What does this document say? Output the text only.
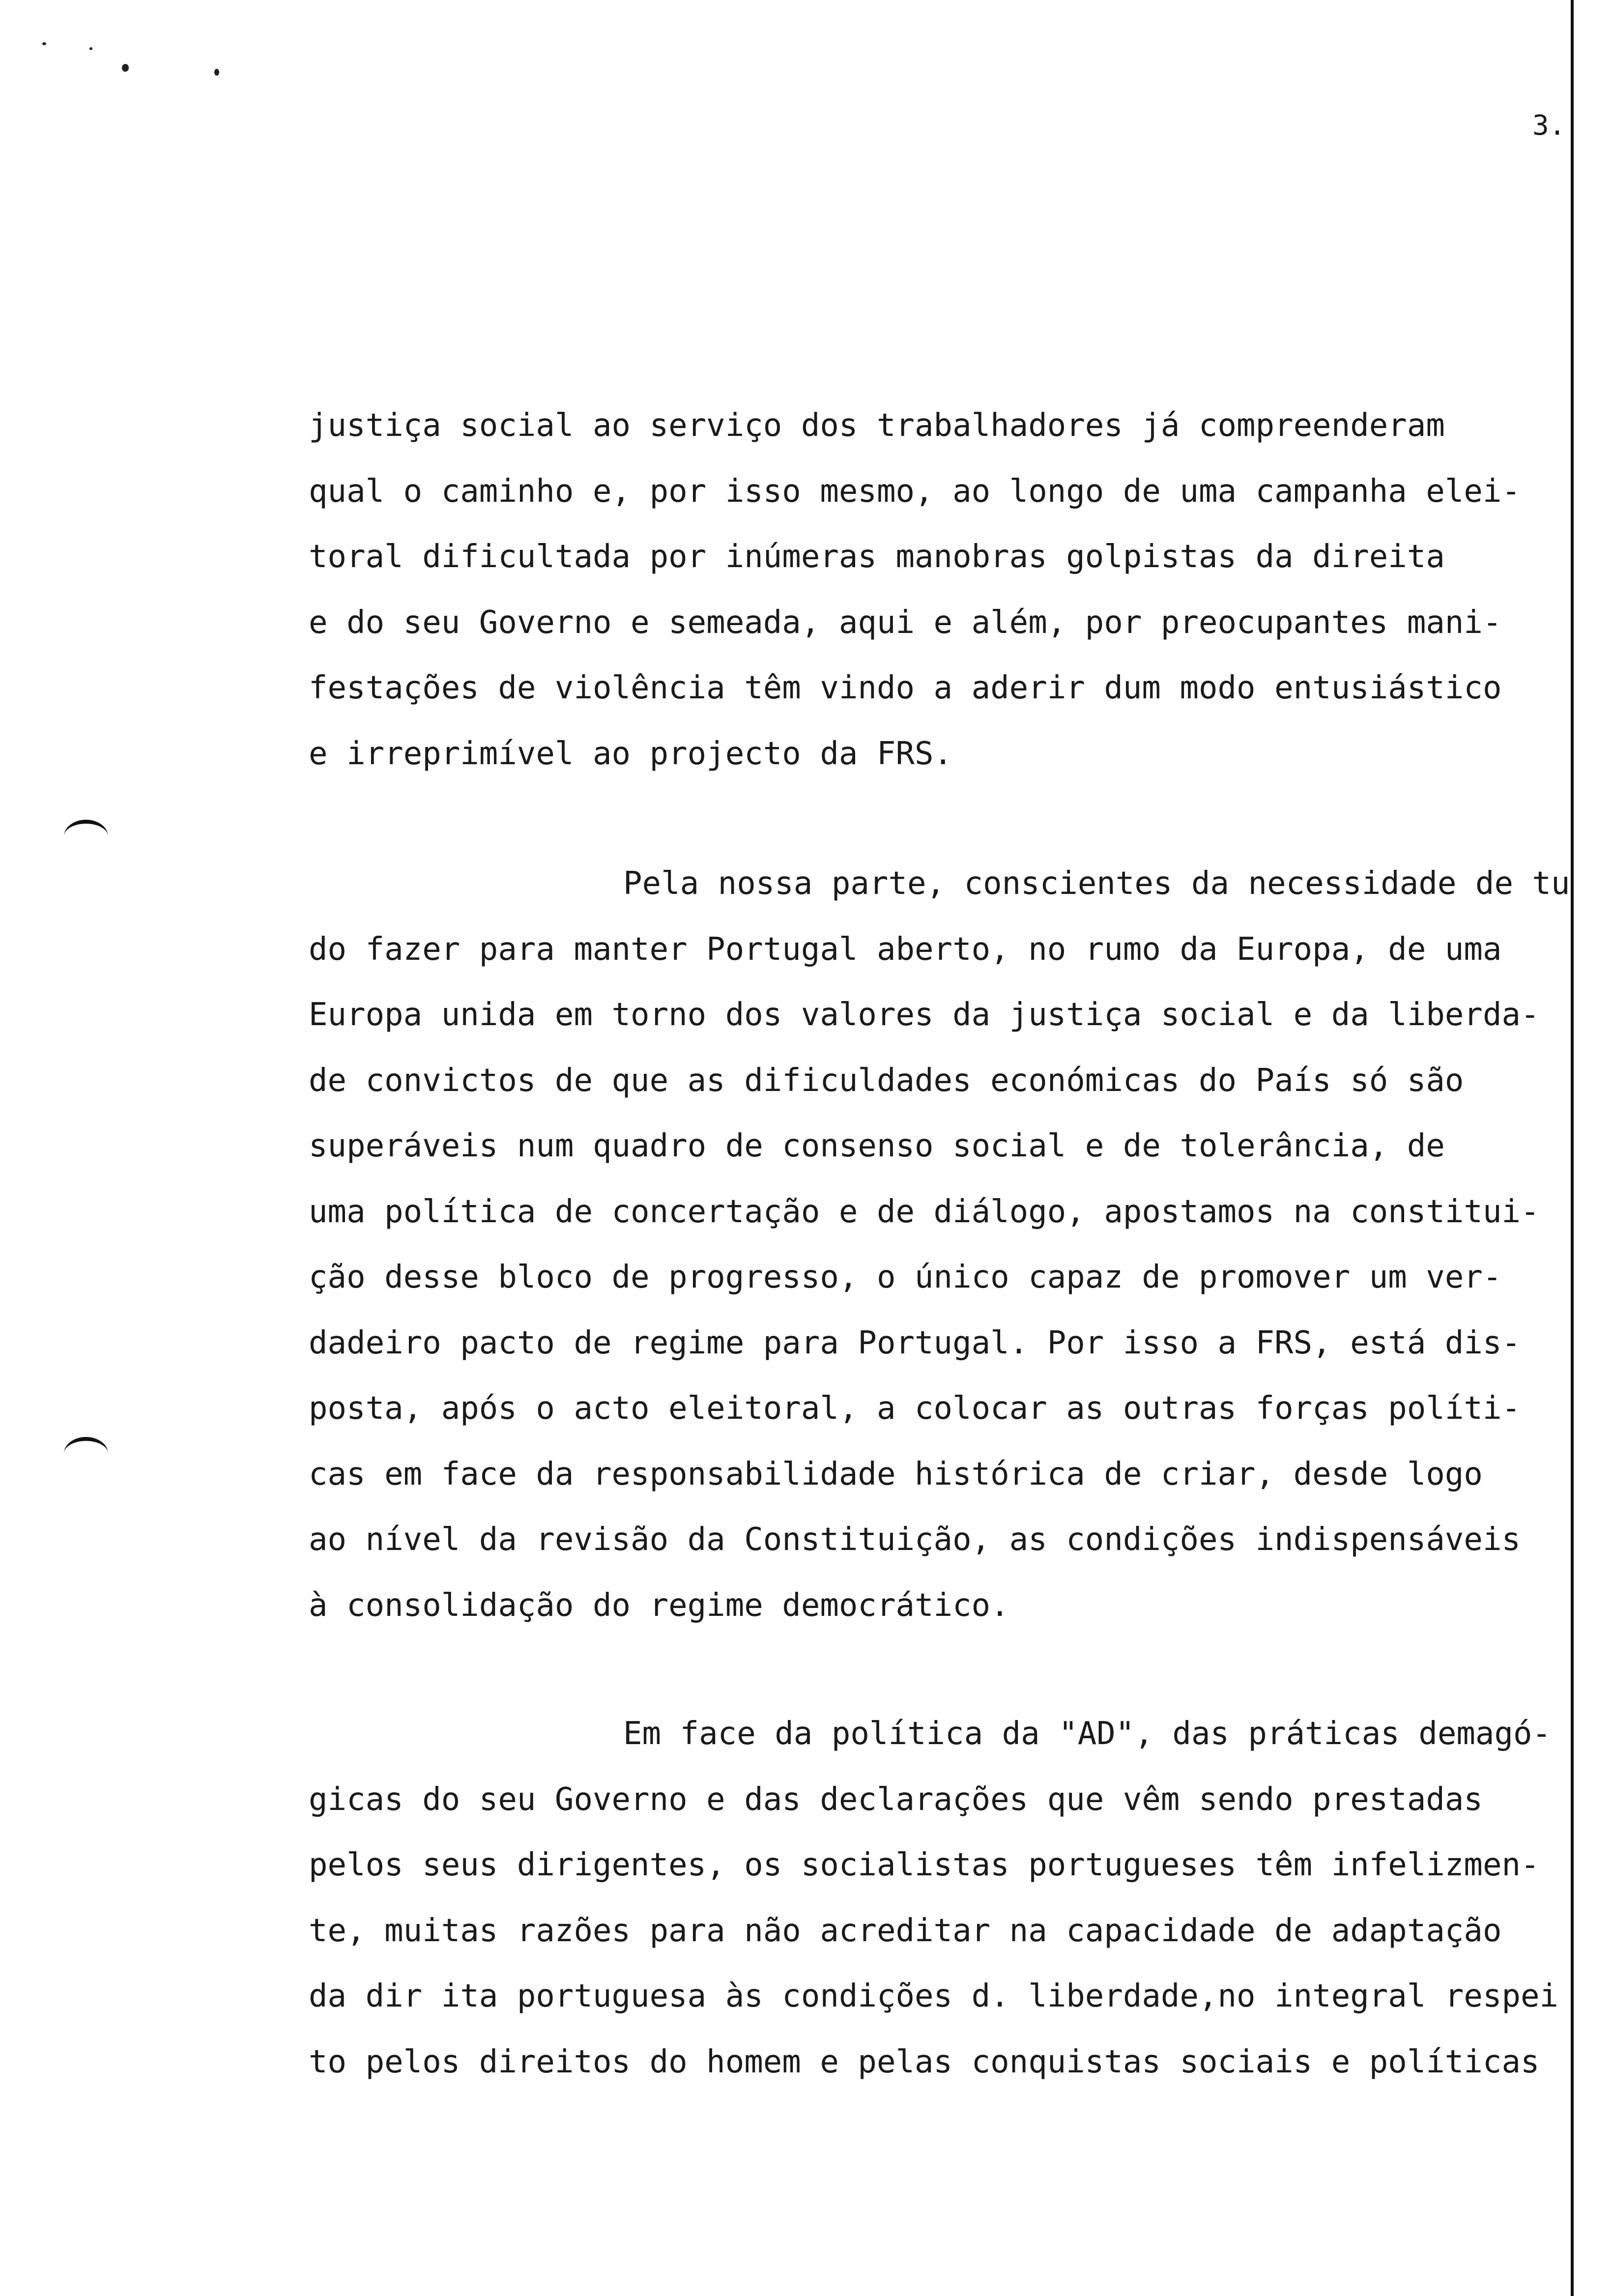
3.
justiça social ao serviço dos trabalhadores já compreenderam
qual o caminho e, por isso mesmo, ao longo de uma campanha elei-
toral dificultada por inúmeras manobras golpistas da direita
e do seu Governo e semeada, aqui e além, por preocupantes mani-
festações de violência têm vindo a aderir dum modo entusiástico
e irreprimível ao projecto da FRS.
Pela nossa parte, conscientes da necessidade de tu
do fazer para manter Portugal aberto, no rumo da Europa, de uma
Europa unida em torno dos valores da justiça social e da liberda-
de convictos de que as dificuldades económicas do País só são
superáveis num quadro de consenso social e de tolerância, de
uma política de concertação e de diálogo, apostamos na constitui-
ção desse bloco de progresso, o único capaz de promover um ver-
dadeiro pacto de regime para Portugal. Por isso a FRS, está dis-
posta, após o acto eleitoral, a colocar as outras forças políti-
cas em face da responsabilidade histórica de criar, desde logo
ao nível da revisão da Constituição, as condições indispensáveis
à consolidação do regime democrático.
Em face da política da "AD", das práticas demagó-
gicas do seu Governo e das declarações que vêm sendo prestadas
pelos seus dirigentes, os socialistas portugueses têm infelizmen-
te, muitas razões para não acreditar na capacidade de adaptação
da dir ita portuguesa às condições d. liberdade,no integral respei
to pelos direitos do homem e pelas conquistas sociais e políticas
